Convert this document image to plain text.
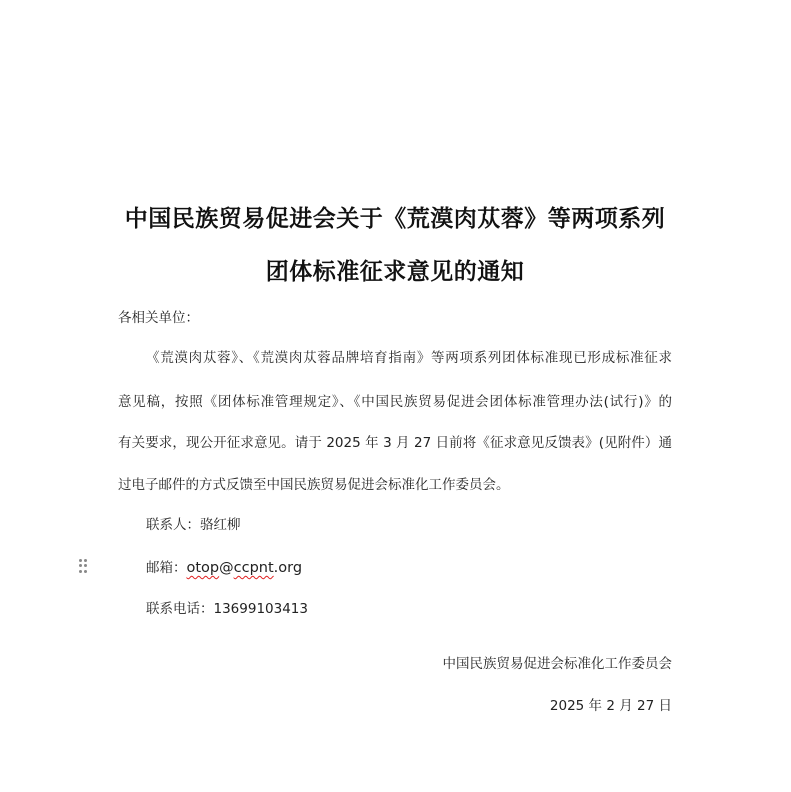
中国民族贸易促进会关于《荒漠肉苁蓉》等两项系列
团体标准征求意见的通知
各相关单位：
《荒漠肉苁蓉》、《荒漠肉苁蓉品牌培育指南》等两项系列团体标准现已形成标准征求
意见稿，按照《团体标准管理规定》、《中国民族贸易促进会团体标准管理办法(试行)》的
有关要求，现公开征求意见。请于 2025 年 3 月 27 日前将《征求意见反馈表》(见附件）通
过电子邮件的方式反馈至中国民族贸易促进会标准化工作委员会。
联系人：骆红柳
邮箱：otop@ccpnt.org
联系电话：13699103413
中国民族贸易促进会标准化工作委员会
2025 年 2 月 27 日
